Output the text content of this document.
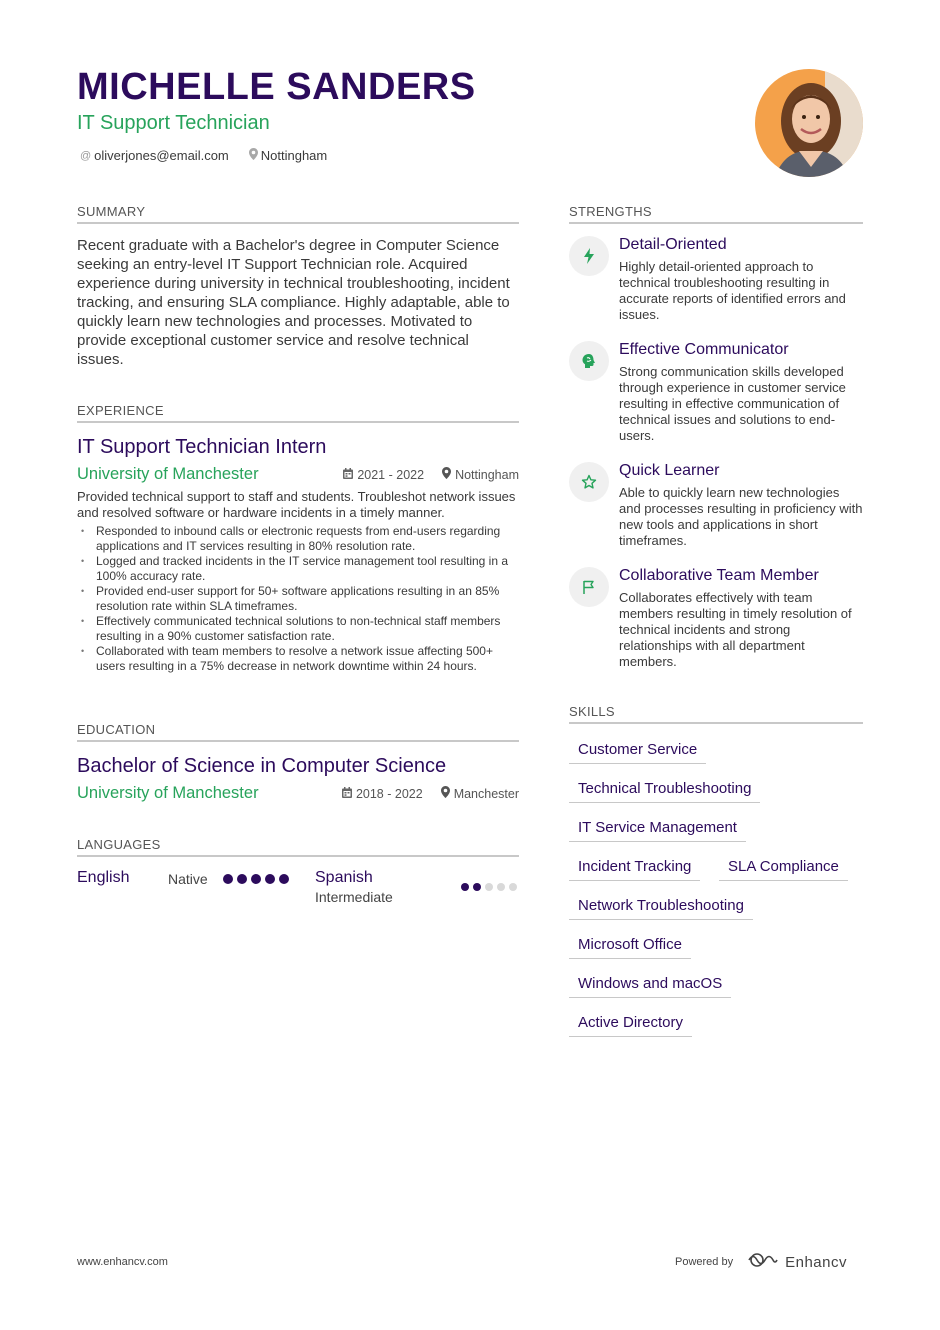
MICHELLE SANDERS
IT Support Technician
@ oliverjones@email.com Nottingham
SUMMARY
Recent graduate with a Bachelor's degree in Computer Science seeking an entry-level IT Support Technician role. Acquired experience during university in technical troubleshooting, incident tracking, and ensuring SLA compliance. Highly adaptable, able to quickly learn new technologies and processes. Motivated to provide exceptional customer service and resolve technical issues.
EXPERIENCE
IT Support Technician Intern
University of Manchester	2021 - 2022 Nottingham
Provided technical support to staff and students. Troubleshot network issues and resolved software or hardware incidents in a timely manner.
• Responded to inbound calls or electronic requests from end-users regarding applications and IT services resulting in 80% resolution rate.
• Logged and tracked incidents in the IT service management tool resulting in a 100% accuracy rate.
• Provided end-user support for 50+ software applications resulting in an 85% resolution rate within SLA timeframes.
• Effectively communicated technical solutions to non-technical staff members resulting in a 90% customer satisfaction rate.
• Collaborated with team members to resolve a network issue affecting 500+ users resulting in a 75% decrease in network downtime within 24 hours.
EDUCATION
Bachelor of Science in Computer Science
University of Manchester	2018 - 2022 Manchester
LANGUAGES
English	Native	Spanish
Intermediate
STRENGTHS
Detail-Oriented
Highly detail-oriented approach to technical troubleshooting resulting in accurate reports of identified errors and issues.
Effective Communicator
Strong communication skills developed through experience in customer service resulting in effective communication of technical issues and solutions to end-users.
Quick Learner
Able to quickly learn new technologies and processes resulting in proficiency with new tools and applications in short timeframes.
Collaborative Team Member
Collaborates effectively with team members resulting in timely resolution of technical incidents and strong relationships with all department members.
SKILLS
Customer Service
Technical Troubleshooting
IT Service Management
Incident Tracking	SLA Compliance
Network Troubleshooting
Microsoft Office
Windows and macOS
Active Directory
www.enhancv.com	Powered by	Enhancv
